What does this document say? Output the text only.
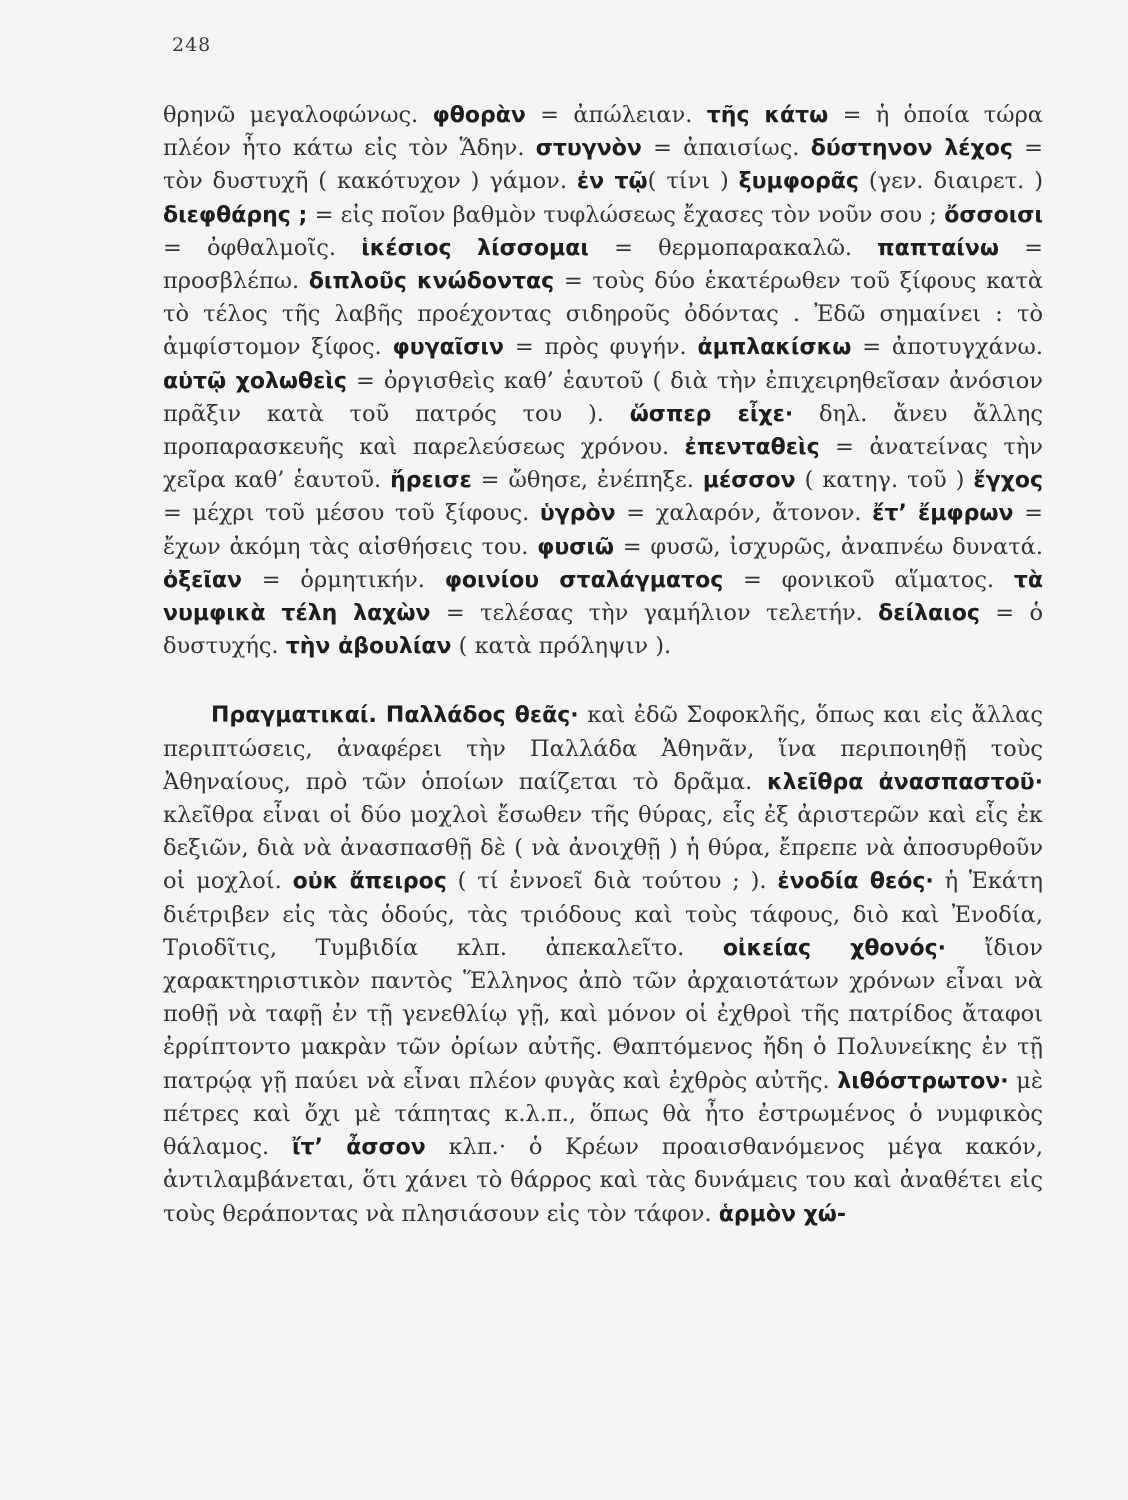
248

θρηνῶ μεγαλοφώνως. φθορὰν = ἀπώλειαν. τῆς κάτω = ἡ ὁποία τώρα πλέον ἦτο κάτω εἰς τὸν Ἅδην. στυγνὸν = ἀπαισίως. δύστηνον λέχος = τὸν δυστυχῆ ( κακότυχον ) γάμον. ἐν τῷ( τίνι ) ξυμφορᾶς (γεν. διαιρετ. ) διεφθάρης ; = εἰς ποῖον βαθμὸν τυφλώσεως ἔχασες τὸν νοῦν σου ; ὄσσοισι = ὀφθαλμοῖς. ἱκέσιος λίσσομαι = θερμοπαρακαλῶ. παπταίνω = προσβλέπω. διπλοῦς κνώδοντας = τοὺς δύο ἑκατέρωθεν τοῦ ξίφους κατὰ τὸ τέλος τῆς λαβῆς προέχοντας σιδηροῦς ὀδόντας . Ἐδῶ σημαίνει : τὸ ἀμφίστομον ξίφος. φυγαῖσιν = πρὸς φυγήν. ἀμπλακίσκω = ἀποτυγχάνω. αὑτῷ χολωθεὶς = ὀργισθεὶς καθ’ ἑαυτοῦ ( διὰ τὴν ἐπιχειρηθεῖσαν ἀνόσιον πρᾶξιν κατὰ τοῦ πατρός του ). ὥσπερ εἶχε· δηλ. ἄνευ ἄλλης προπαρασκευῆς καὶ παρελεύσεως χρόνου. ἐπενταθεὶς = ἀνατείνας τὴν χεῖρα καθ’ ἑαυτοῦ. ἤρεισε = ὤθησε, ἐνέπηξε. μέσσον ( κατηγ. τοῦ ) ἔγχος = μέχρι τοῦ μέσου τοῦ ξίφους. ὑγρὸν = χαλαρόν, ἄτονον. ἔτ’ ἔμφρων = ἔχων ἀκόμη τὰς αἰσθήσεις του. φυσιῶ = φυσῶ, ἰσχυρῶς, ἀναπνέω δυνατά. ὀξεῖαν = ὁρμητικήν. φοινίου σταλάγματος = φονικοῦ αἵματος. τὰ νυμφικὰ τέλη λαχὼν = τελέσας τὴν γαμήλιον τελετήν. δείλαιος = ὁ δυστυχής. τὴν ἀβουλίαν ( κατὰ πρόληψιν ).

Πραγματικαί. Παλλάδος θεᾶς· καὶ ἐδῶ Σοφοκλῆς, ὅπως και εἰς ἄλλας περιπτώσεις, ἀναφέρει τὴν Παλλάδα Ἀθηνᾶν, ἵνα περιποιηθῇ τοὺς Ἀθηναίους, πρὸ τῶν ὁποίων παίζεται τὸ δρᾶμα. κλεῖθρα ἀνασπαστοῦ· κλεῖθρα εἶναι οἱ δύο μοχλοὶ ἔσωθεν τῆς θύρας, εἷς ἐξ ἀριστερῶν καὶ εἷς ἐκ δεξιῶν, διὰ νὰ ἀνασπασθῇ δὲ ( νὰ ἀνοιχθῇ ) ἡ θύρα, ἔπρεπε νὰ ἀποσυρθοῦν οἱ μοχλοί. οὐκ ἄπειρος ( τί ἐννοεῖ διὰ τούτου ; ). ἐνοδία θεός· ἡ Ἑκάτη διέτριβεν εἰς τὰς ὁδούς, τὰς τριόδους καὶ τοὺς τάφους, διὸ καὶ Ἐνοδία, Τριοδῖτις, Τυμβιδία κλπ. ἀπεκαλεῖτο. οἰκείας χθονός· ἴδιον χαρακτηριστικὸν παντὸς Ἕλληνος ἀπὸ τῶν ἀρχαιοτάτων χρόνων εἶναι νὰ ποθῇ νὰ ταφῇ ἐν τῇ γενεθλίῳ γῇ, καὶ μόνον οἱ ἐχθροὶ τῆς πατρίδος ἄταφοι ἐρρίπτοντο μακρὰν τῶν ὁρίων αὐτῆς. Θαπτόμενος ἤδη ὁ Πολυνείκης ἐν τῇ πατρῴᾳ γῇ παύει νὰ εἶναι πλέον φυγὰς καὶ ἐχθρὸς αὐτῆς. λιθόστρωτον· μὲ πέτρες καὶ ὄχι μὲ τάπητας κ.λ.π., ὅπως θὰ ἦτο ἐστρωμένος ὁ νυμφικὸς θάλαμος. ἴτ’ ἆσσον κλπ.· ὁ Κρέων προαισθανόμενος μέγα κακόν, ἀντιλαμβάνεται, ὅτι χάνει τὸ θάρρος καὶ τὰς δυνάμεις του καὶ ἀναθέτει εἰς τοὺς θεράποντας νὰ πλησιάσουν εἰς τὸν τάφον. ἁρμὸν χώ-
